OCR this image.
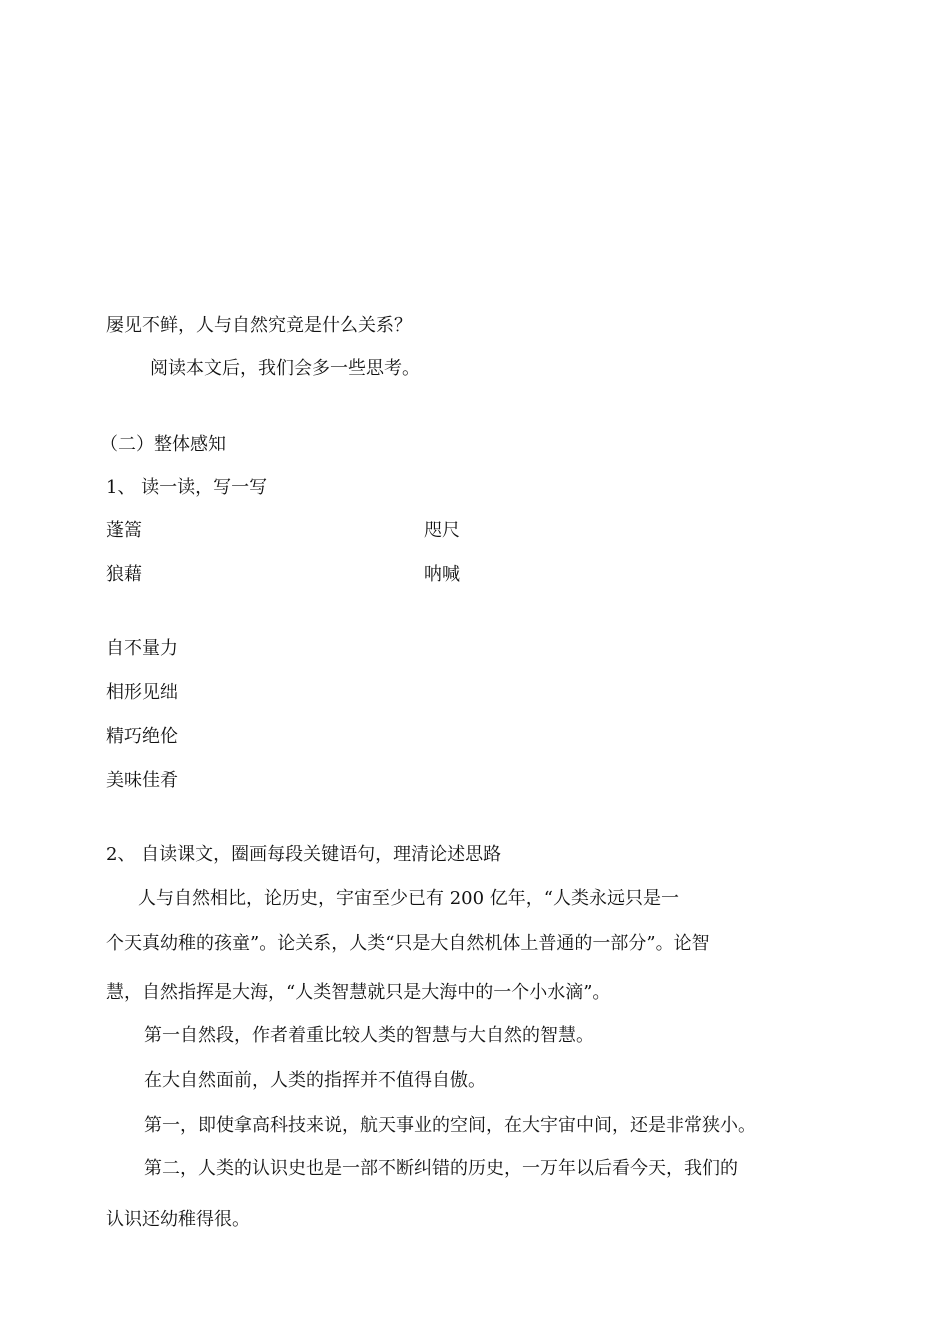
屡见不鲜，人与自然究竟是什么关系？
阅读本文后，我们会多一些思考。
（二）整体感知
1、 读一读，写一写
蓬篙	咫尺
狼藉	呐喊
自不量力
相形见绌
精巧绝伦
美味佳肴
2、 自读课文，圈画每段关键语句，理清论述思路
人与自然相比，论历史，宇宙至少已有 200 亿年，“人类永远只是一
个天真幼稚的孩童”。论关系，人类“只是大自然机体上普通的一部分”。论智
慧，自然指挥是大海，“人类智慧就只是大海中的一个小水滴”。
第一自然段，作者着重比较人类的智慧与大自然的智慧。
在大自然面前，人类的指挥并不值得自傲。
第一，即使拿高科技来说，航天事业的空间，在大宇宙中间，还是非常狭小。
第二，人类的认识史也是一部不断纠错的历史，一万年以后看今天，我们的
认识还幼稚得很。
